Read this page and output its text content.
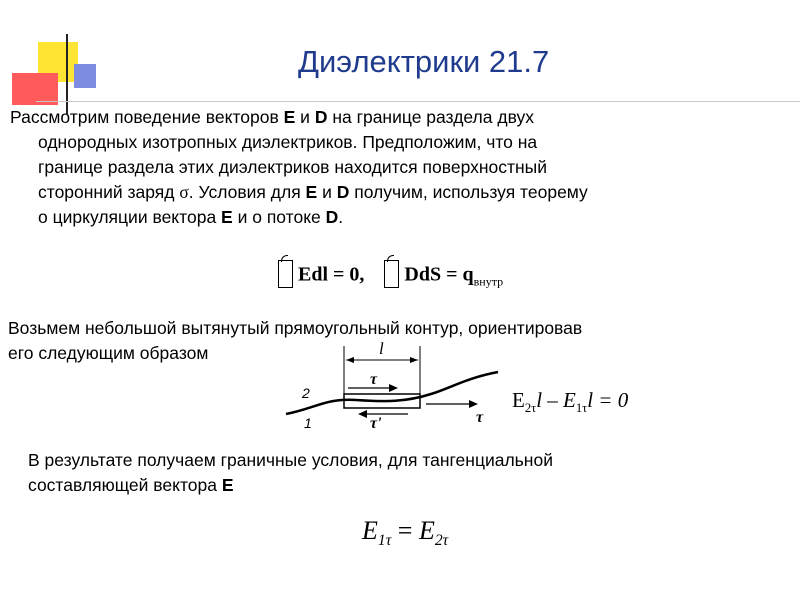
Диэлектрики 21.7
Рассмотрим поведение векторов E и D на границе раздела двух
однородных изотропных диэлектриков. Предположим, что на
границе раздела этих диэлектриков находится поверхностный
сторонний заряд σ. Условия для E и D получим, используя теорему
о циркуляции вектора E и о потоке D.
Edl = 0, DdS = $q_{внутр}$
Возьмем небольшой вытянутый прямоугольный контур, ориентировав
его следующим образом	l
τ
τ'	τ
2
1
$E_{2\tau}l - E_{1\tau}l = 0$
В результате получаем граничные условия, для тангенциальной
составляющей вектора E
$E_{1\tau} = E_{2\tau}$
